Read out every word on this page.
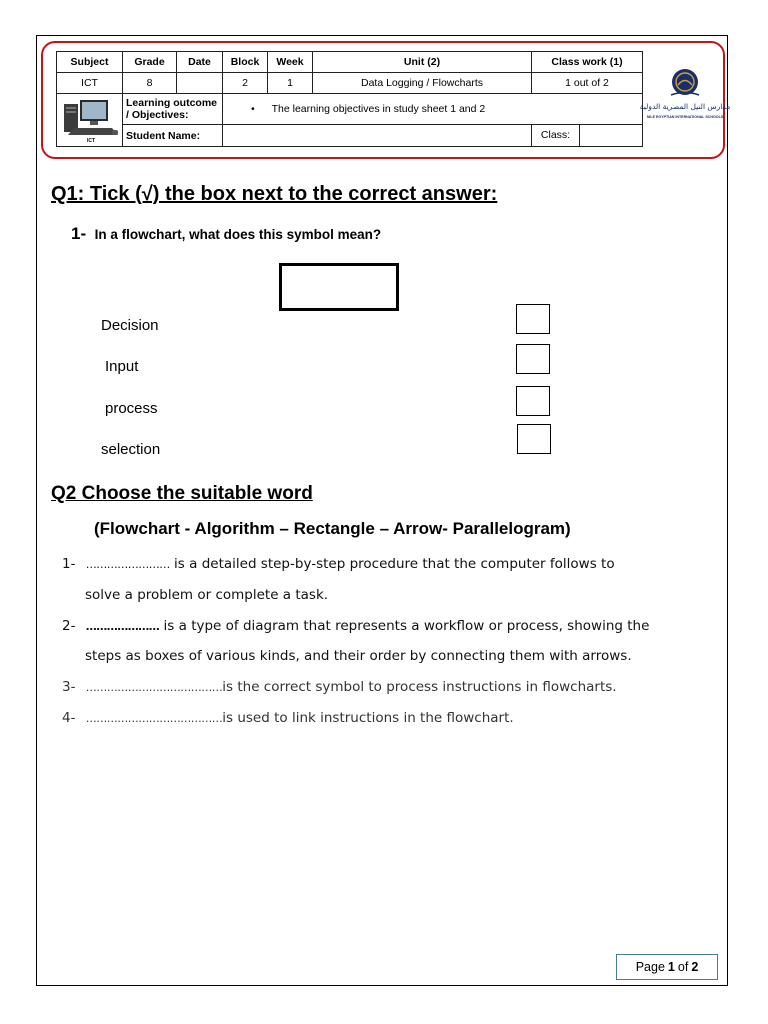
Subject	Grade	Date	Block	Week	Unit (2)	Class work (1)
ICT	8		2	1	Data Logging / Flowcharts	1 out of 2

ICT	Learning outcome / Objectives:		• The learning objectives in study sheet 1 and 2			
	Student Name:					Class:
مدارس النيل المصرية الدولية
NILE EGYPTIAN INTERNATIONAL SCHOOLS
Q1: Tick (√) the box next to the correct answer:
1- In a flowchart, what does this symbol mean?
Decision
Input
process
selection
Q2 Choose the suitable word
(Flowchart - Algorithm – Rectangle – Arrow- Parallelogram)
1- …………………… is a detailed step-by-step procedure that the computer follows to
solve a problem or complete a task.
2- ………………… is a type of diagram that represents a workflow or process, showing the
steps as boxes of various kinds, and their order by connecting them with arrows.
3- …………………………………is the correct symbol to process instructions in flowcharts.
4- …………………………………is used to link instructions in the flowchart.
Page 1 of 2
